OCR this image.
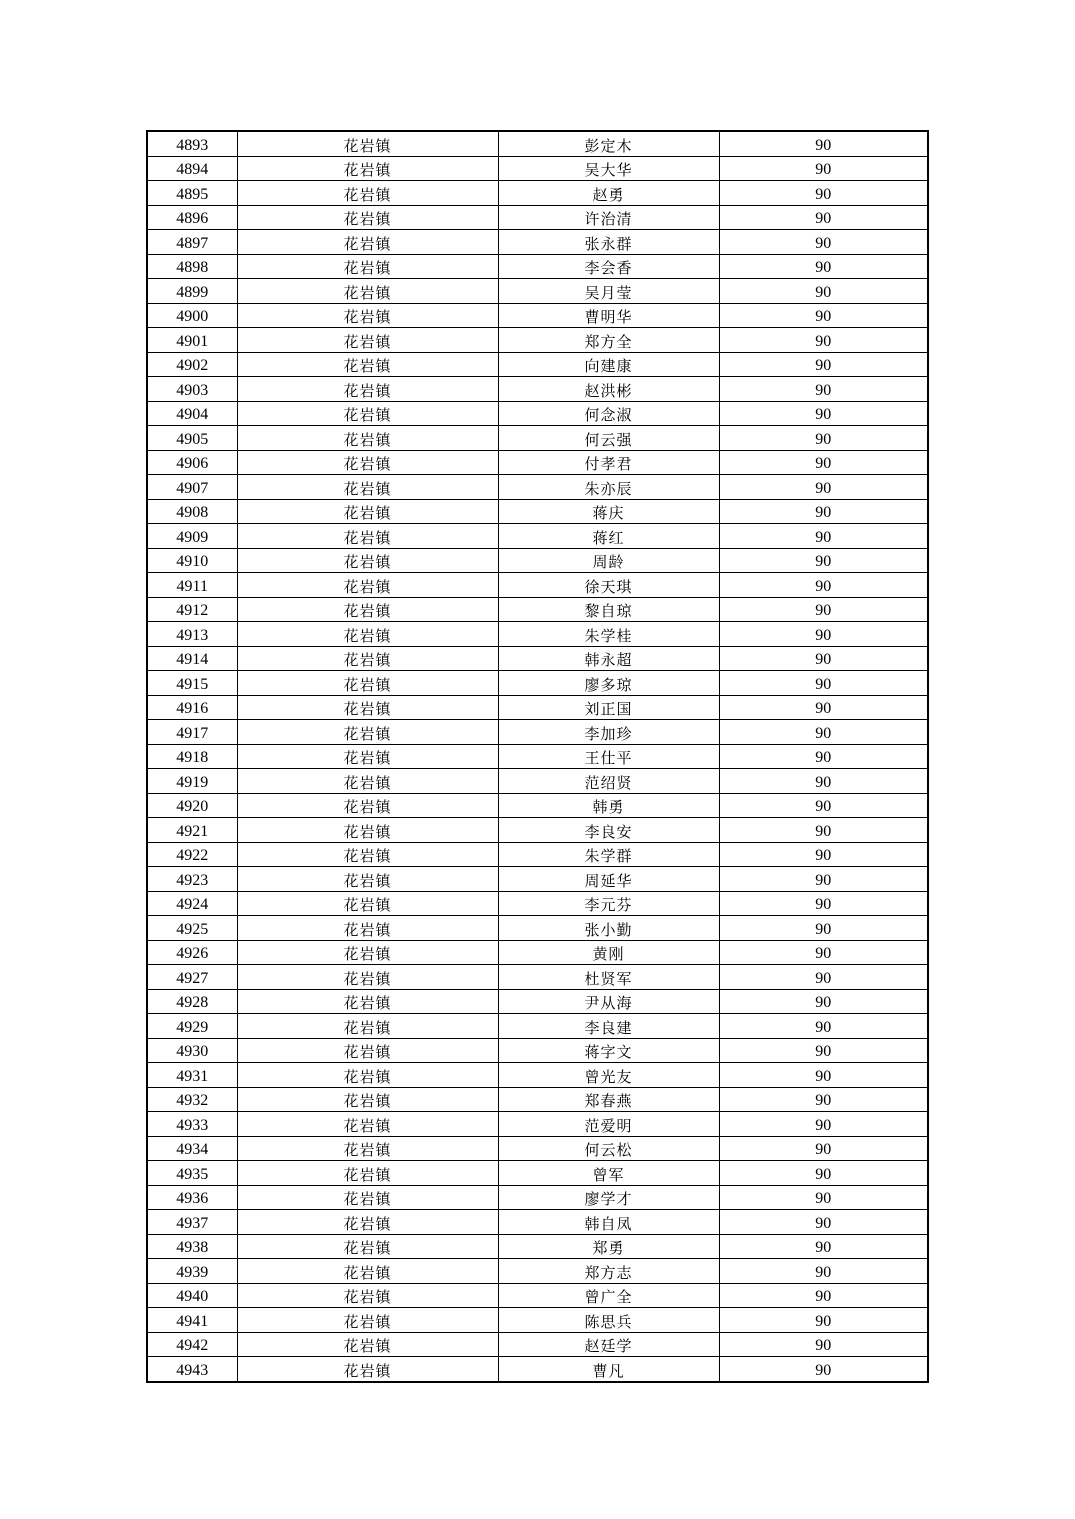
4893	花岩镇	彭定木	90
4894	花岩镇	吴大华	90
4895	花岩镇	赵勇	90
4896	花岩镇	许治清	90
4897	花岩镇	张永群	90
4898	花岩镇	李会香	90
4899	花岩镇	吴月莹	90
4900	花岩镇	曹明华	90
4901	花岩镇	郑方全	90
4902	花岩镇	向建康	90
4903	花岩镇	赵洪彬	90
4904	花岩镇	何念淑	90
4905	花岩镇	何云强	90
4906	花岩镇	付孝君	90
4907	花岩镇	朱亦辰	90
4908	花岩镇	蒋庆	90
4909	花岩镇	蒋红	90
4910	花岩镇	周龄	90
4911	花岩镇	徐天琪	90
4912	花岩镇	黎自琼	90
4913	花岩镇	朱学桂	90
4914	花岩镇	韩永超	90
4915	花岩镇	廖多琼	90
4916	花岩镇	刘正国	90
4917	花岩镇	李加珍	90
4918	花岩镇	王仕平	90
4919	花岩镇	范绍贤	90
4920	花岩镇	韩勇	90
4921	花岩镇	李良安	90
4922	花岩镇	朱学群	90
4923	花岩镇	周延华	90
4924	花岩镇	李元芬	90
4925	花岩镇	张小勤	90
4926	花岩镇	黄刚	90
4927	花岩镇	杜贤军	90
4928	花岩镇	尹从海	90
4929	花岩镇	李良建	90
4930	花岩镇	蒋字文	90
4931	花岩镇	曾光友	90
4932	花岩镇	郑春燕	90
4933	花岩镇	范爱明	90
4934	花岩镇	何云松	90
4935	花岩镇	曾军	90
4936	花岩镇	廖学才	90
4937	花岩镇	韩自凤	90
4938	花岩镇	郑勇	90
4939	花岩镇	郑方志	90
4940	花岩镇	曾广全	90
4941	花岩镇	陈思兵	90
4942	花岩镇	赵廷学	90
4943	花岩镇	曹凡	90
